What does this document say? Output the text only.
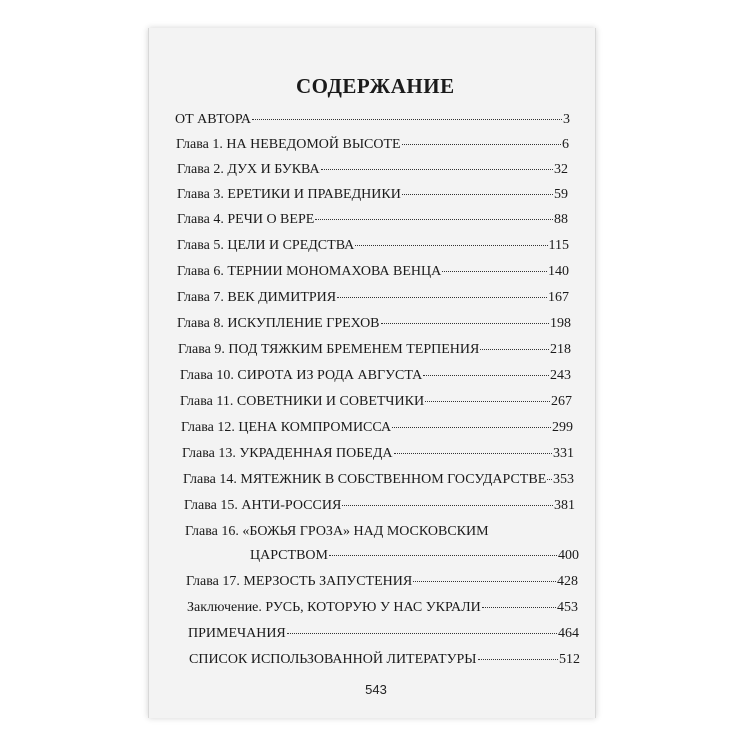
СОДЕРЖАНИЕ
ОТ АВТОРА	3
Глава 1. НА НЕВЕДОМОЙ ВЫСОТЕ	6
Глава 2. ДУХ И БУКВА	32
Глава 3. ЕРЕТИКИ И ПРАВЕДНИКИ	59
Глава 4. РЕЧИ О ВЕРЕ	88
Глава 5. ЦЕЛИ И СРЕДСТВА	115
Глава 6. ТЕРНИИ МОНОМАХОВА ВЕНЦА	140
Глава 7. ВЕК ДИМИТРИЯ	167
Глава 8. ИСКУПЛЕНИЕ ГРЕХОВ	198
Глава 9. ПОД ТЯЖКИМ БРЕМЕНЕМ ТЕРПЕНИЯ	218
Глава 10. СИРОТА ИЗ РОДА АВГУСТА	243
Глава 11. СОВЕТНИКИ И СОВЕТЧИКИ	267
Глава 12. ЦЕНА КОМПРОМИССА	299
Глава 13. УКРАДЕННАЯ ПОБЕДА	331
Глава 14. МЯТЕЖНИК В СОБСТВЕННОМ ГОСУДАРСТВЕ 353
Глава 15. АНТИ-РОССИЯ	381
Глава 16. «БОЖЬЯ ГРОЗА» НАД МОСКОВСКИМ
ЦАРСТВОМ	400
Глава 17. МЕРЗОСТЬ ЗАПУСТЕНИЯ	428
Заключение. РУСЬ, КОТОРУЮ У НАС УКРАЛИ	453
ПРИМЕЧАНИЯ	464
СПИСОК ИСПОЛЬЗОВАННОЙ ЛИТЕРАТУРЫ	512
543
